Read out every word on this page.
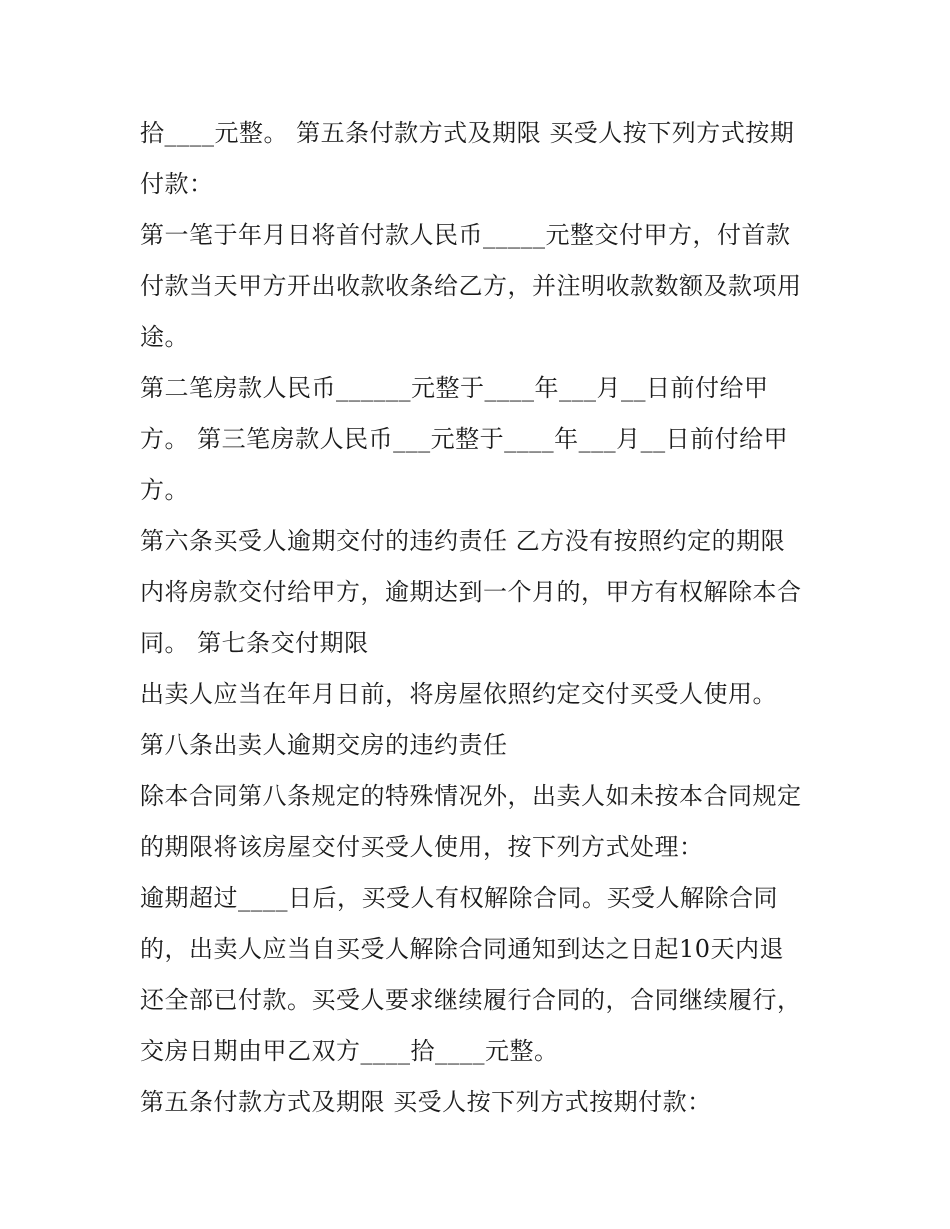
拾____元整。 第五条付款方式及期限 买受人按下列方式按期
付款：
第一笔于年月日将首付款人民币_____元整交付甲方，付首款
付款当天甲方开出收款收条给乙方，并注明收款数额及款项用
途。
第二笔房款人民币______元整于____年___月__日前付给甲
方。 第三笔房款人民币___元整于____年___月__日前付给甲
方。
第六条买受人逾期交付的违约责任 乙方没有按照约定的期限
内将房款交付给甲方，逾期达到一个月的，甲方有权解除本合
同。 第七条交付期限
出卖人应当在年月日前，将房屋依照约定交付买受人使用。
第八条出卖人逾期交房的违约责任
除本合同第八条规定的特殊情况外，出卖人如未按本合同规定
的期限将该房屋交付买受人使用，按下列方式处理：
逾期超过____日后，买受人有权解除合同。买受人解除合同
的，出卖人应当自买受人解除合同通知到达之日起10天内退
还全部已付款。买受人要求继续履行合同的，合同继续履行，
交房日期由甲乙双方____拾____元整。
第五条付款方式及期限 买受人按下列方式按期付款：
